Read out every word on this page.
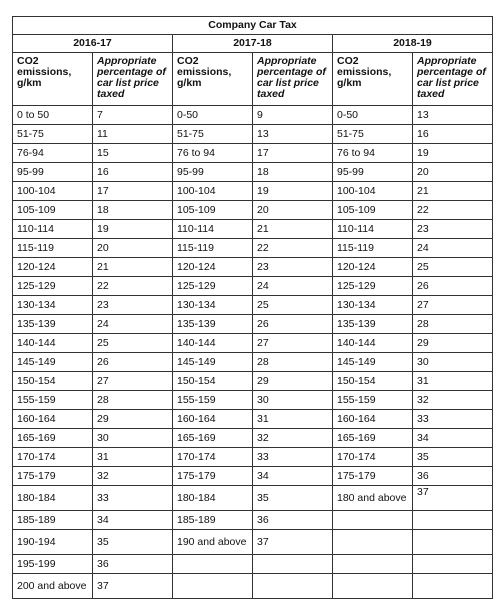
Company Car Tax					
2016-17		2017-18		2018-19	
CO2 emissions, g/km	Appropriate percentage of car list price taxed	CO2 emissions, g/km	Appropriate percentage of car list price taxed	CO2 emissions, g/km	Appropriate percentage of car list price taxed
0 to 50	7	0-50	9	0-50	13
51-75	11	51-75	13	51-75	16
76-94	15	76 to 94	17	76 to 94	19
95-99	16	95-99	18	95-99	20
100-104	17	100-104	19	100-104	21
105-109	18	105-109	20	105-109	22
110-114	19	110-114	21	110-114	23
115-119	20	115-119	22	115-119	24
120-124	21	120-124	23	120-124	25
125-129	22	125-129	24	125-129	26
130-134	23	130-134	25	130-134	27
135-139	24	135-139	26	135-139	28
140-144	25	140-144	27	140-144	29
145-149	26	145-149	28	145-149	30
150-154	27	150-154	29	150-154	31
155-159	28	155-159	30	155-159	32
160-164	29	160-164	31	160-164	33
165-169	30	165-169	32	165-169	34
170-174	31	170-174	33	170-174	35
175-179	32	175-179	34	175-179	36
180-184	33	180-184	35	180 and above	37
185-189	34	185-189	36		
190-194	35	190 and above	37		
195-199	36				
200 and above	37				
